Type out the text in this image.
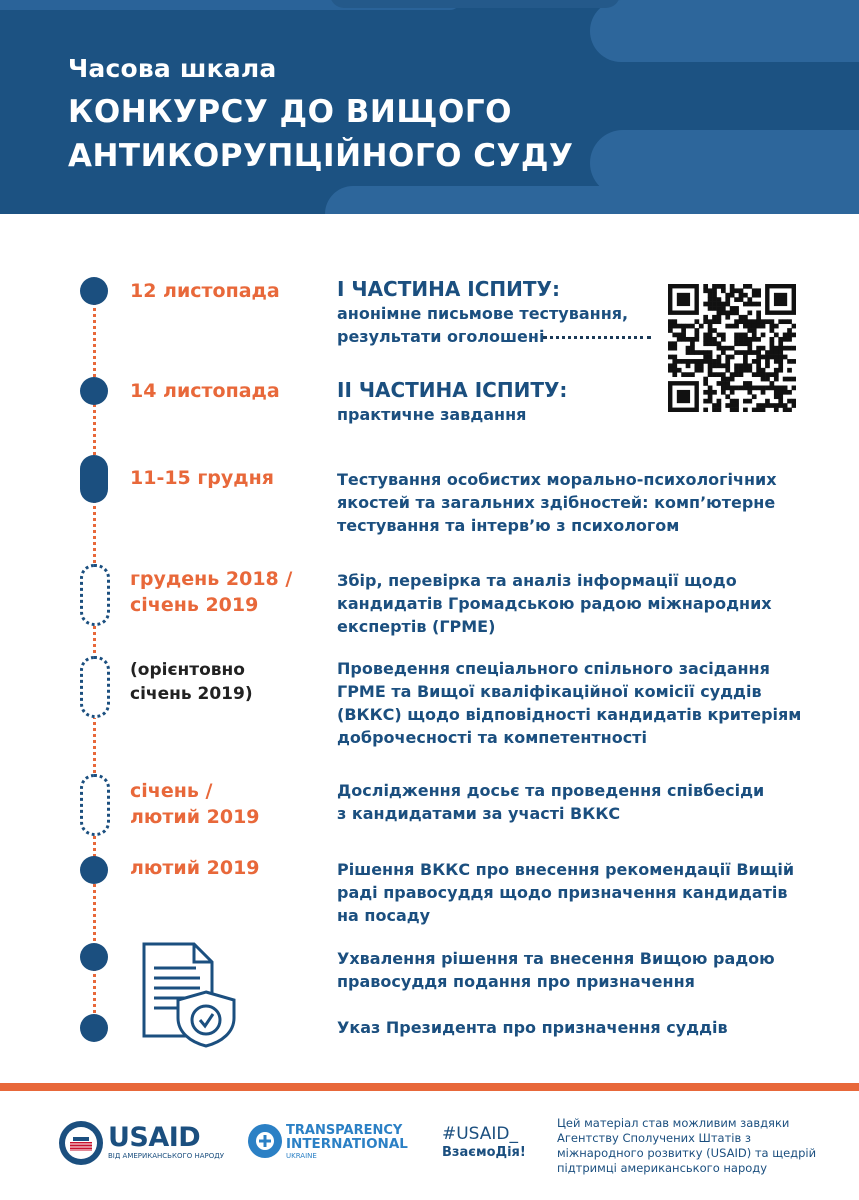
Часова шкала
КОНКУРСУ ДО ВИЩОГО
АНТИКОРУПЦІЙНОГО СУДУ
12 листопада
14 листопада
11-15 грудня
грудень 2018 /
січень 2019
(орієнтовно
січень 2019)
січень /
лютий 2019
лютий 2019
I ЧАСТИНА ІСПИТУ:
анонімне письмове тестування,
результати оголошені
II ЧАСТИНА ІСПИТУ:
практичне завдання
Тестування особистих морально-психологічних
якостей та загальних здібностей: комп’ютерне
тестування та інтерв’ю з психологом
Збір, перевірка та аналіз інформації щодо
кандидатів Громадською радою міжнародних
експертів (ГРМЕ)
Проведення спеціального спільного засідання
ГРМЕ та Вищої кваліфікаційної комісії суддів
(ВККС) щодо відповідності кандидатів критеріям
доброчесності та компетентності
Дослідження досьє та проведення співбесіди
з кандидатами за участі ВККС
Рішення ВККС про внесення рекомендації Вищій
раді правосуддя щодо призначення кандидатів
на посаду
Ухвалення рішення та внесення Вищою радою
правосуддя подання про призначення
Указ Президента про призначення суддів
USAID
ВІД АМЕРИКАНСЬКОГО НАРОДУ
TRANSPARENCY
INTERNATIONAL
UKRAINE
#USAID_
ВзаємоДія!
Цей матеріал став можливим завдяки
Агентству Сполучених Штатів з
міжнародного розвитку (USAID) та щедрій
підтримці американського народу
